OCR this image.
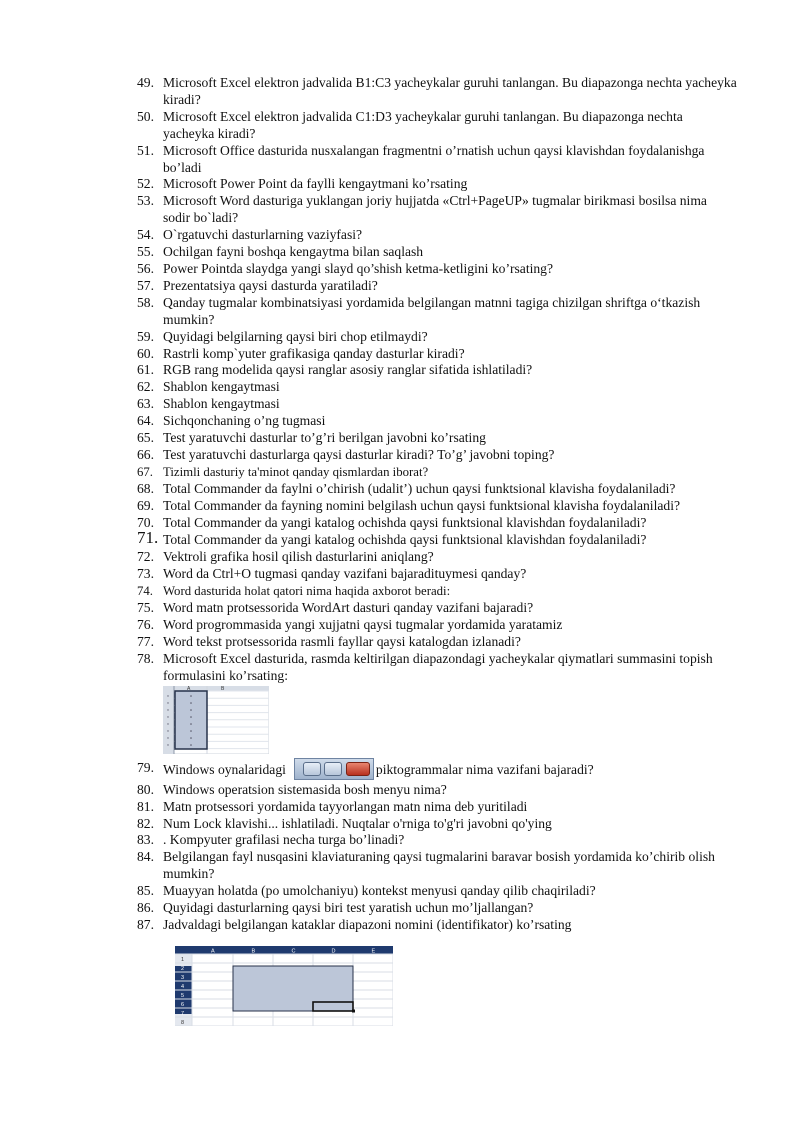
49. Microsoft Excel elektron jadvalida B1:C3 yacheykalar guruhi tanlangan. Bu diapazonga nechta yacheyka kiradi?
50. Microsoft Excel elektron jadvalida C1:D3 yacheykalar guruhi tanlangan. Bu diapazonga nechta yacheyka kiradi?
51. Microsoft Office dasturida nusxalangan fragmentni o’rnatish uchun qaysi klavishdan foydalanishga bo’ladi
52. Microsoft Power Point da faylli kengaytmani ko’rsating
53. Microsoft Word dasturiga yuklangan joriy hujjatda «Ctrl+PageUP» tugmalar birikmasi bosilsa nima sodir bo`ladi?
54. O`rgatuvchi dasturlarning vaziyfasi?
55. Ochilgan fayni boshqa kengaytma bilan saqlash
56. Power Pointda slaydga yangi slayd qo’shish ketma-ketligini ko’rsating?
57. Prezentatsiya qaysi dasturda yaratiladi?
58. Qanday tugmalar kombinatsiyasi yordamida belgilangan matnni tagiga chizilgan shriftga o‘tkazish mumkin?
59. Quyidagi belgilarning qaysi biri chop etilmaydi?
60. Rastrli komp`yuter grafikasiga qanday dasturlar kiradi?
61. RGB rang modelida qaysi ranglar asosiy ranglar sifatida ishlatiladi?
62. Shablon kengaytmasi
63. Shablon kengaytmasi
64. Sichqonchaning o’ng tugmasi
65. Test yaratuvchi dasturlar to’g’ri berilgan javobni ko’rsating
66. Test yaratuvchi dasturlarga qaysi dasturlar kiradi? To’g’ javobni toping?
67. Tizimli dasturiy ta'minot qanday qismlardan iborat?
68. Total Commander da faylni o’chirish (udalit’) uchun qaysi funktsional klavisha foydalaniladi?
69. Total Commander da fayning nomini belgilash uchun qaysi funktsional klavisha foydalaniladi?
70. Total Commander da yangi katalog ochishda qaysi funktsional klavishdan foydalaniladi?
71. Total Commander da yangi katalog ochishda qaysi funktsional klavishdan foydalaniladi?
72. Vektroli grafika hosil qilish dasturlarini aniqlang?
73. Word da Ctrl+O tugmasi qanday vazifani bajaradituymesi qanday?
74. Word dasturida holat qatori nima haqida axborot beradi:
75. Word matn protsessorida WordArt dasturi qanday vazifani bajaradi?
76. Word progrommasida yangi xujjatni qaysi tugmalar yordamida yaratamiz
77. Word tekst protsessorida rasmli fayllar qaysi katalogdan izlanadi?
78. Microsoft Excel dasturida, rasmda keltirilgan diapazondagi yacheykalar qiymatlari summasini topish formulasini ko’rsating:
A	B
79. Windows oynalaridagi	piktogrammalar nima vazifani bajaradi?
80. Windows operatsion sistemasida bosh menyu nima?
81. Matn protsessori yordamida tayyorlangan matn nima deb yuritiladi
82. Num Lock klavishi... ishlatiladi. Nuqtalar o'rniga to'g'ri javobni qo'ying
83. . Kompyuter grafilasi necha turga bo’linadi?
84. Belgilangan fayl nusqasini klaviaturaning qaysi tugmalarini baravar bosish yordamida ko’chirib olish mumkin?
85. Muayyan holatda (po umolchaniyu) kontekst menyusi qanday qilib chaqiriladi?
86. Quyidagi dasturlarning qaysi biri test yaratish uchun mo’ljallangan?
87. Jadvaldagi belgilangan kataklar diapazoni nomini (identifikator) ko’rsating
A	B	C	D	E
1
2
3
4
5
6
7
8
